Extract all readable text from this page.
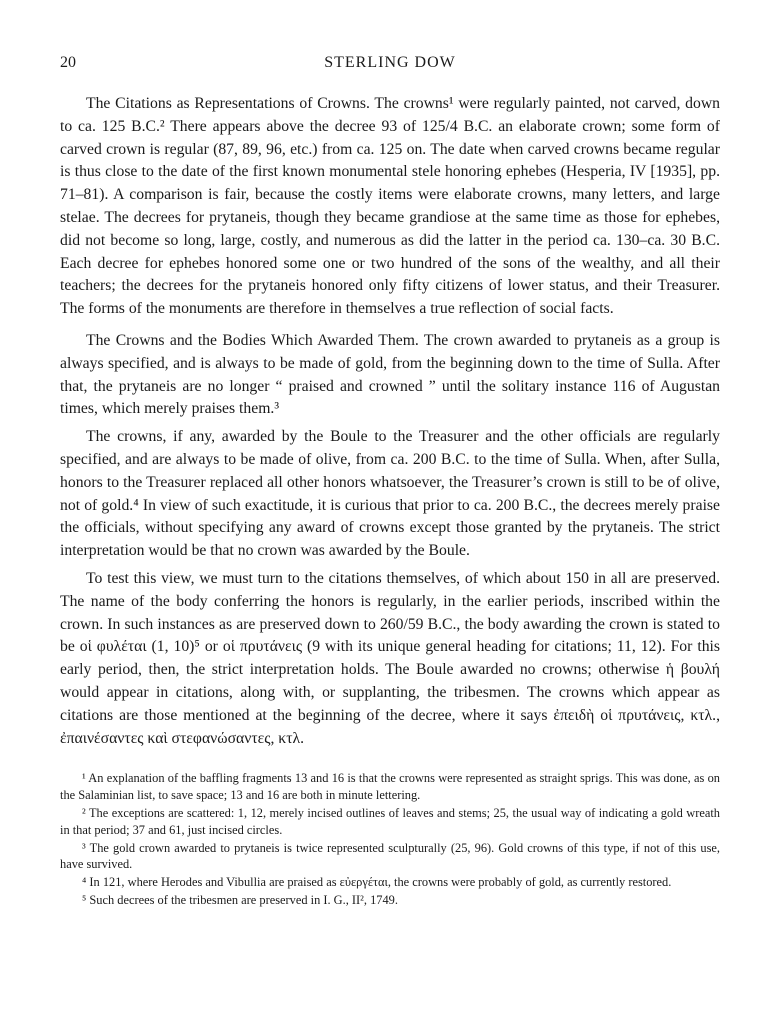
20	STERLING DOW

The Citations as Representations of Crowns. The crowns¹ were regularly painted, not carved, down to ca. 125 B.C.² There appears above the decree 93 of 125/4 B.C. an elaborate crown; some form of carved crown is regular (87, 89, 96, etc.) from ca. 125 on. The date when carved crowns became regular is thus close to the date of the first known monumental stele honoring ephebes (Hesperia, IV [1935], pp. 71–81). A comparison is fair, because the costly items were elaborate crowns, many letters, and large stelae. The decrees for prytaneis, though they became grandiose at the same time as those for ephebes, did not become so long, large, costly, and numerous as did the latter in the period ca. 130–ca. 30 B.C. Each decree for ephebes honored some one or two hundred of the sons of the wealthy, and all their teachers; the decrees for the prytaneis honored only fifty citizens of lower status, and their Treasurer. The forms of the monuments are therefore in themselves a true reflection of social facts.

The Crowns and the Bodies Which Awarded Them. The crown awarded to prytaneis as a group is always specified, and is always to be made of gold, from the beginning down to the time of Sulla. After that, the prytaneis are no longer “ praised and crowned ” until the solitary instance 116 of Augustan times, which merely praises them.³

The crowns, if any, awarded by the Boule to the Treasurer and the other officials are regularly specified, and are always to be made of olive, from ca. 200 B.C. to the time of Sulla. When, after Sulla, honors to the Treasurer replaced all other honors whatsoever, the Treasurer’s crown is still to be of olive, not of gold.⁴ In view of such exactitude, it is curious that prior to ca. 200 B.C., the decrees merely praise the officials, without specifying any award of crowns except those granted by the prytaneis. The strict interpretation would be that no crown was awarded by the Boule.

To test this view, we must turn to the citations themselves, of which about 150 in all are preserved. The name of the body conferring the honors is regularly, in the earlier periods, inscribed within the crown. In such instances as are preserved down to 260/59 B.C., the body awarding the crown is stated to be οἱ φυλέται (1, 10)⁵ or οἱ πρυτάνεις (9 with its unique general heading for citations; 11, 12). For this early period, then, the strict interpretation holds. The Boule awarded no crowns; otherwise ἡ βουλή would appear in citations, along with, or supplanting, the tribesmen. The crowns which appear as citations are those mentioned at the beginning of the decree, where it says ἐπειδὴ οἱ πρυτάνεις, κτλ., ἐπαινέσαντες καὶ στεφανώσαντες, κτλ.

¹ An explanation of the baffling fragments 13 and 16 is that the crowns were represented as straight sprigs. This was done, as on the Salaminian list, to save space; 13 and 16 are both in minute lettering.

² The exceptions are scattered: 1, 12, merely incised outlines of leaves and stems; 25, the usual way of indicating a gold wreath in that period; 37 and 61, just incised circles.

³ The gold crown awarded to prytaneis is twice represented sculpturally (25, 96). Gold crowns of this type, if not of this use, have survived.

⁴ In 121, where Herodes and Vibullia are praised as εὐεργέται, the crowns were probably of gold, as currently restored.

⁵ Such decrees of the tribesmen are preserved in I. G., II², 1749.
